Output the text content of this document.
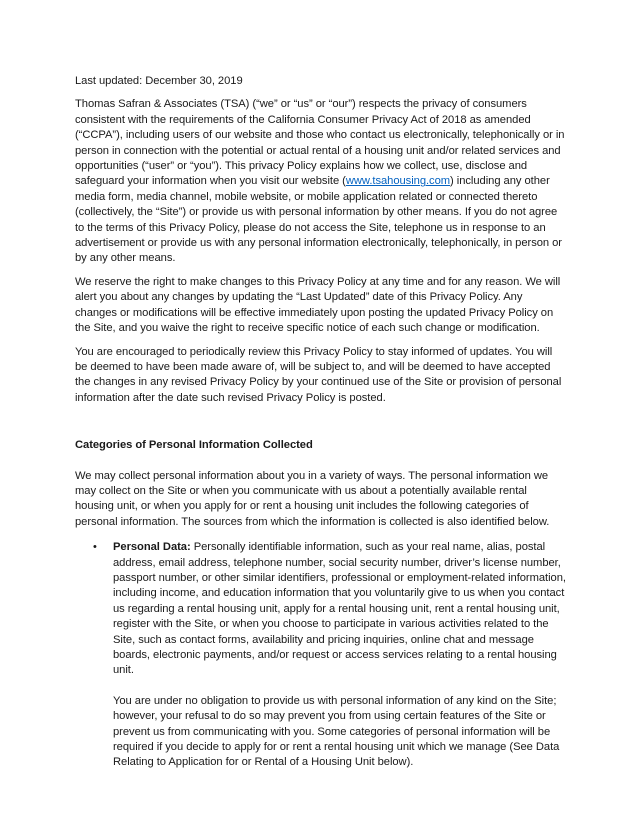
Last updated: December 30, 2019

Thomas Safran & Associates (TSA) (“we” or “us” or “our”) respects the privacy of consumers consistent with the requirements of the California Consumer Privacy Act of 2018 as amended (“CCPA”), including users of our website and those who contact us electronically, telephonically or in person in connection with the potential or actual rental of a housing unit and/or related services and opportunities (“user” or “you”). This privacy Policy explains how we collect, use, disclose and safeguard your information when you visit our website (www.tsahousing.com) including any other media form, media channel, mobile website, or mobile application related or connected thereto (collectively, the “Site”) or provide us with personal information by other means. If you do not agree to the terms of this Privacy Policy, please do not access the Site, telephone us in response to an advertisement or provide us with any personal information electronically, telephonically, in person or by any other means.

We reserve the right to make changes to this Privacy Policy at any time and for any reason. We will alert you about any changes by updating the “Last Updated” date of this Privacy Policy. Any changes or modifications will be effective immediately upon posting the updated Privacy Policy on the Site, and you waive the right to receive specific notice of each such change or modification.

You are encouraged to periodically review this Privacy Policy to stay informed of updates. You will be deemed to have been made aware of, will be subject to, and will be deemed to have accepted the changes in any revised Privacy Policy by your continued use of the Site or provision of personal information after the date such revised Privacy Policy is posted.

Categories of Personal Information Collected

We may collect personal information about you in a variety of ways. The personal information we may collect on the Site or when you communicate with us about a potentially available rental housing unit, or when you apply for or rent a housing unit includes the following categories of personal information. The sources from which the information is collected is also identified below.

• Personal Data: Personally identifiable information, such as your real name, alias, postal address, email address, telephone number, social security number, driver’s license number, passport number, or other similar identifiers, professional or employment-related information, including income, and education information that you voluntarily give to us when you contact us regarding a rental housing unit, apply for a rental housing unit, rent a rental housing unit, register with the Site, or when you choose to participate in various activities related to the Site, such as contact forms, availability and pricing inquiries, online chat and message boards, electronic payments, and/or request or access services relating to a rental housing unit.
You are under no obligation to provide us with personal information of any kind on the Site; however, your refusal to do so may prevent you from using certain features of the Site or prevent us from communicating with you. Some categories of personal information will be required if you decide to apply for or rent a rental housing unit which we manage (See Data Relating to Application for or Rental of a Housing Unit below).
